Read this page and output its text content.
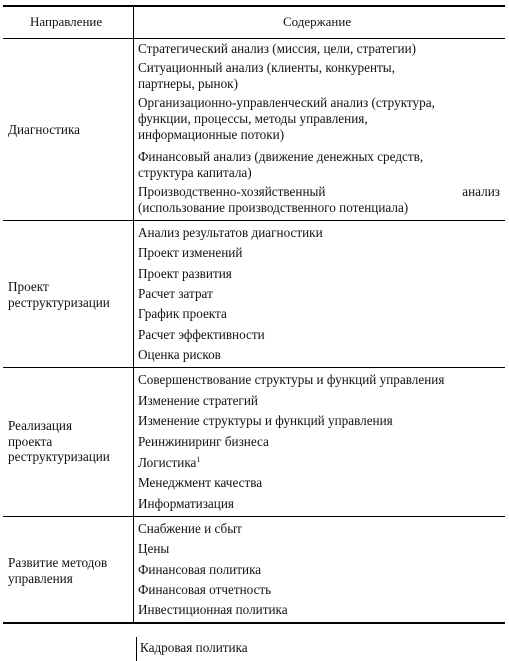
Направление	Содержание
Диагностика
Стратегический анализ (миссия, цели, стратегии)
Ситуационный анализ (клиенты, конкуренты,
партнеры, рынок)
Организационно-управленческий анализ (структура,
функции, процессы, методы управления,
информационные потоки)
Финансовый анализ (движение денежных средств,
структура капитала)
Производственно-хозяйственный	анализ
(использование производственного потенциала)
Проект
реструктуризации
Анализ результатов диагностики
Проект изменений
Проект развития
Расчет затрат
График проекта
Расчет эффективности
Оценка рисков
Реализация
проекта
реструктуризации
Совершенствование структуры и функций управления
Изменение стратегий
Изменение структуры и функций управления
Реинжиниринг бизнеса
Логистика$^1$
Менеджмент качества
Информатизация
Развитие методов
управления
Снабжение и сбыт
Цены
Финансовая политика
Финансовая отчетность
Инвестиционная политика
Кадровая политика
